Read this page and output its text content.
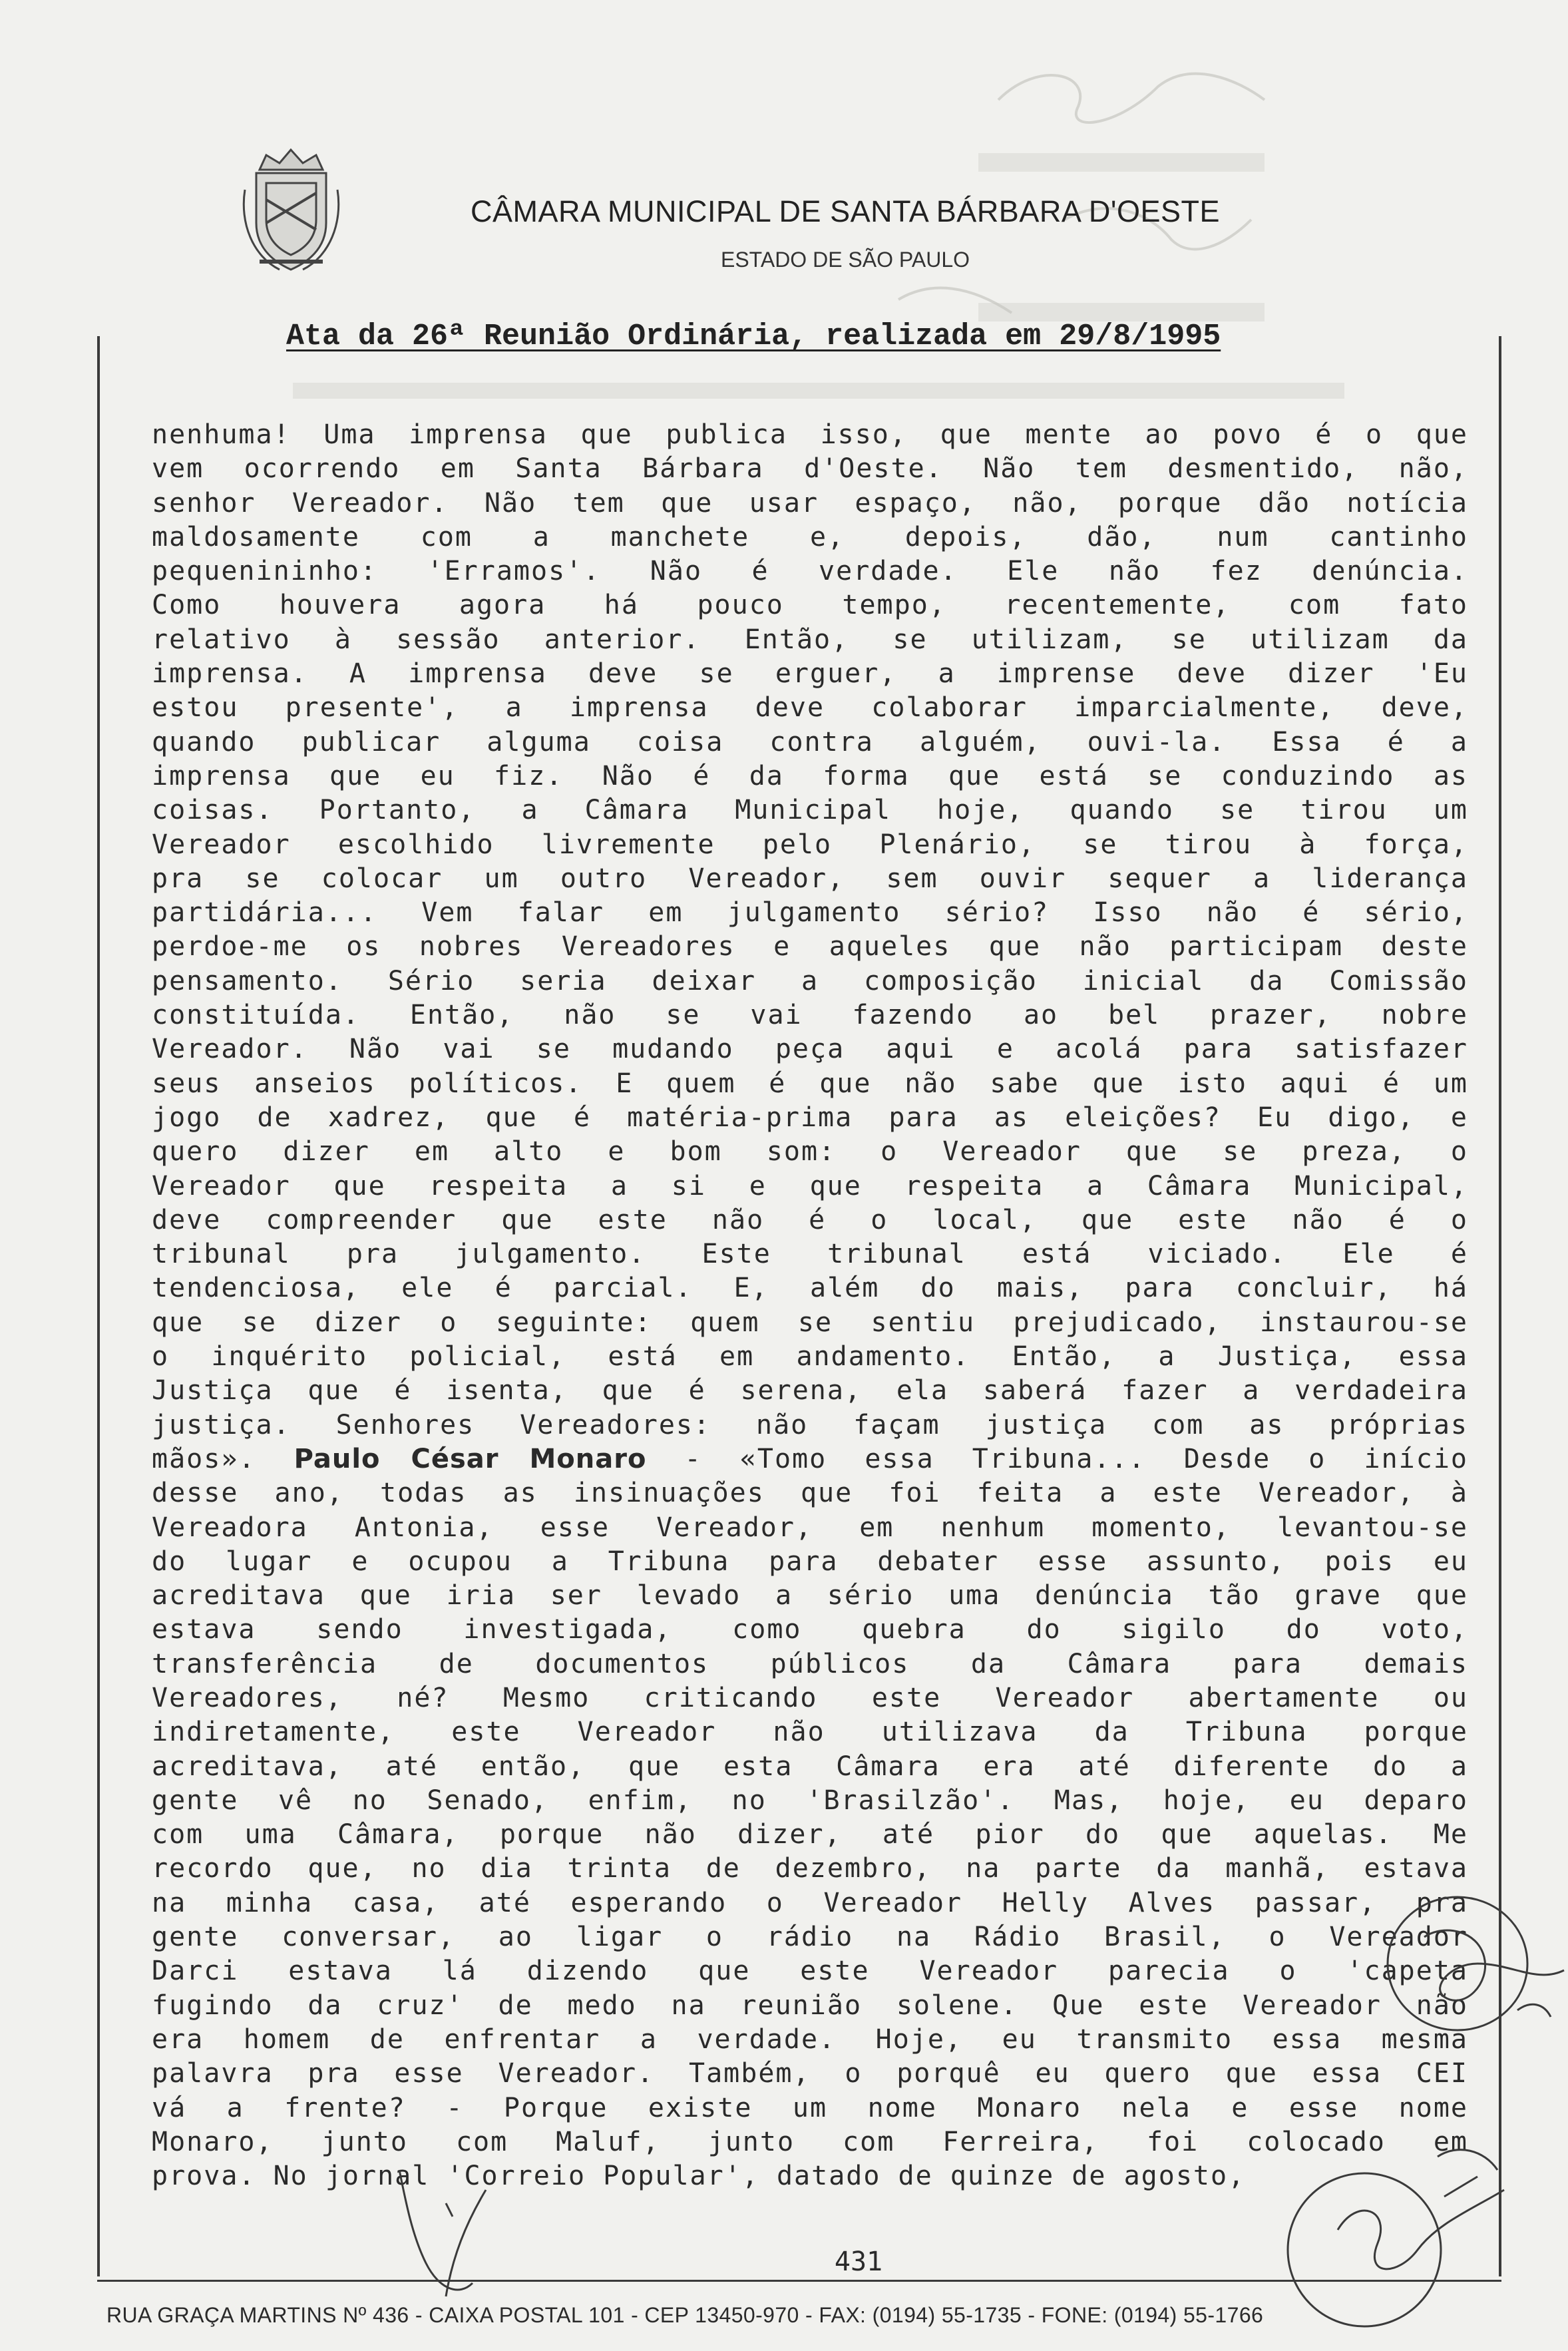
CÂMARA MUNICIPAL DE SANTA BÁRBARA D'OESTE
ESTADO DE SÃO PAULO
Ata da 26ª Reunião Ordinária, realizada em 29/8/1995
nenhuma! Uma imprensa que publica isso, que mente ao povo é o que
vem ocorrendo em Santa Bárbara d'Oeste. Não tem desmentido, não,
senhor Vereador. Não tem que usar espaço, não, porque dão notícia
maldosamente com a manchete e, depois, dão, num cantinho
pequenininho: 'Erramos'. Não é verdade. Ele não fez denúncia.
Como houvera agora há pouco tempo, recentemente, com fato
relativo à sessão anterior. Então, se utilizam, se utilizam da
imprensa. A imprensa deve se erguer, a imprense deve dizer 'Eu
estou presente', a imprensa deve colaborar imparcialmente, deve,
quando publicar alguma coisa contra alguém, ouvi-la. Essa é a
imprensa que eu fiz. Não é da forma que está se conduzindo as
coisas. Portanto, a Câmara Municipal hoje, quando se tirou um
Vereador escolhido livremente pelo Plenário, se tirou à força,
pra se colocar um outro Vereador, sem ouvir sequer a liderança
partidária... Vem falar em julgamento sério? Isso não é sério,
perdoe-me os nobres Vereadores e aqueles que não participam deste
pensamento. Sério seria deixar a composição inicial da Comissão
constituída. Então, não se vai fazendo ao bel prazer, nobre
Vereador. Não vai se mudando peça aqui e acolá para satisfazer
seus anseios políticos. E quem é que não sabe que isto aqui é um
jogo de xadrez, que é matéria-prima para as eleições? Eu digo, e
quero dizer em alto e bom som: o Vereador que se preza, o
Vereador que respeita a si e que respeita a Câmara Municipal,
deve compreender que este não é o local, que este não é o
tribunal pra julgamento. Este tribunal está viciado. Ele é
tendenciosa, ele é parcial. E, além do mais, para concluir, há
que se dizer o seguinte: quem se sentiu prejudicado, instaurou-se
o inquérito policial, está em andamento. Então, a Justiça, essa
Justiça que é isenta, que é serena, ela saberá fazer a verdadeira
justiça. Senhores Vereadores: não façam justiça com as próprias
mãos». Paulo César Monaro - «Tomo essa Tribuna... Desde o início
desse ano, todas as insinuações que foi feita a este Vereador, à
Vereadora Antonia, esse Vereador, em nenhum momento, levantou-se
do lugar e ocupou a Tribuna para debater esse assunto, pois eu
acreditava que iria ser levado a sério uma denúncia tão grave que
estava sendo investigada, como quebra do sigilo do voto,
transferência de documentos públicos da Câmara para demais
Vereadores, né? Mesmo criticando este Vereador abertamente ou
indiretamente, este Vereador não utilizava da Tribuna porque
acreditava, até então, que esta Câmara era até diferente do a
gente vê no Senado, enfim, no 'Brasilzão'. Mas, hoje, eu deparo
com uma Câmara, porque não dizer, até pior do que aquelas. Me
recordo que, no dia trinta de dezembro, na parte da manhã, estava
na minha casa, até esperando o Vereador Helly Alves passar, pra
gente conversar, ao ligar o rádio na Rádio Brasil, o Vereador
Darci estava lá dizendo que este Vereador parecia o 'capeta
fugindo da cruz' de medo na reunião solene. Que este Vereador não
era homem de enfrentar a verdade. Hoje, eu transmito essa mesma
palavra pra esse Vereador. Também, o porquê eu quero que essa CEI
vá a frente? - Porque existe um nome Monaro nela e esse nome
Monaro, junto com Maluf, junto com Ferreira, foi colocado em
prova. No jornal 'Correio Popular', datado de quinze de agosto,
431
RUA GRAÇA MARTINS Nº 436 - CAIXA POSTAL 101 - CEP 13450-970 - FAX: (0194) 55-1735 - FONE: (0194) 55-1766
